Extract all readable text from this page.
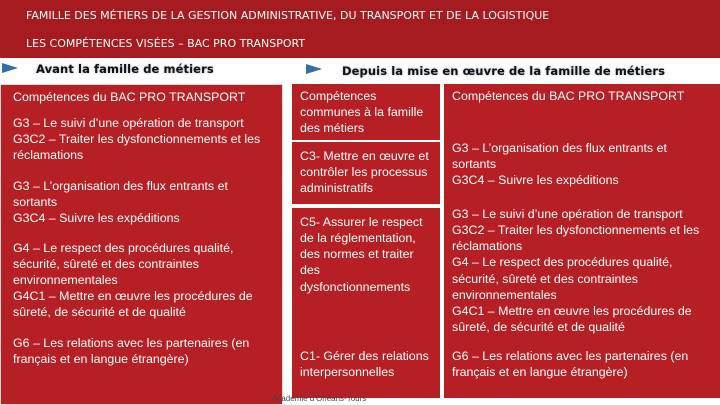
FAMILLE DES MÉTIERS DE LA GESTION ADMINISTRATIVE, DU TRANSPORT ET DE LA LOGISTIQUE
LES COMPÉTENCES VISÉES – BAC PRO TRANSPORT
Avant la famille de métiers	Depuis la mise en œuvre de la famille de métiers
Compétences du BAC PRO TRANSPORT
G3 – Le suivi d’une opération de transport
G3C2 – Traiter les dysfonctionnements et les réclamations
G3 – L’organisation des flux entrants et sortants
G3C4 – Suivre les expéditions
G4 – Le respect des procédures qualité, sécurité, sûreté et des contraintes environnementales
G4C1 – Mettre en œuvre les procédures de sûreté, de sécurité et de qualité
G6 – Les relations avec les partenaires (en français et en langue étrangère)
Compétences communes à la famille des métiers
Compétences du BAC PRO TRANSPORT
C3- Mettre en œuvre et contrôler les processus administratifs
G3 – L’organisation des flux entrants et sortants
G3C4 – Suivre les expéditions
C5- Assurer le respect de la réglementation, des normes et traiter des dysfonctionnements
G3 – Le suivi d’une opération de transport
G3C2 – Traiter les dysfonctionnements et les réclamations
G4 – Le respect des procédures qualité, sécurité, sûreté et des contraintes environnementales
G4C1 – Mettre en œuvre les procédures de sûreté, de sécurité et de qualité
C1- Gérer des relations interpersonnelles
G6 – Les relations avec les partenaires (en français et en langue étrangère)
Académie d’Orléans-Tours
